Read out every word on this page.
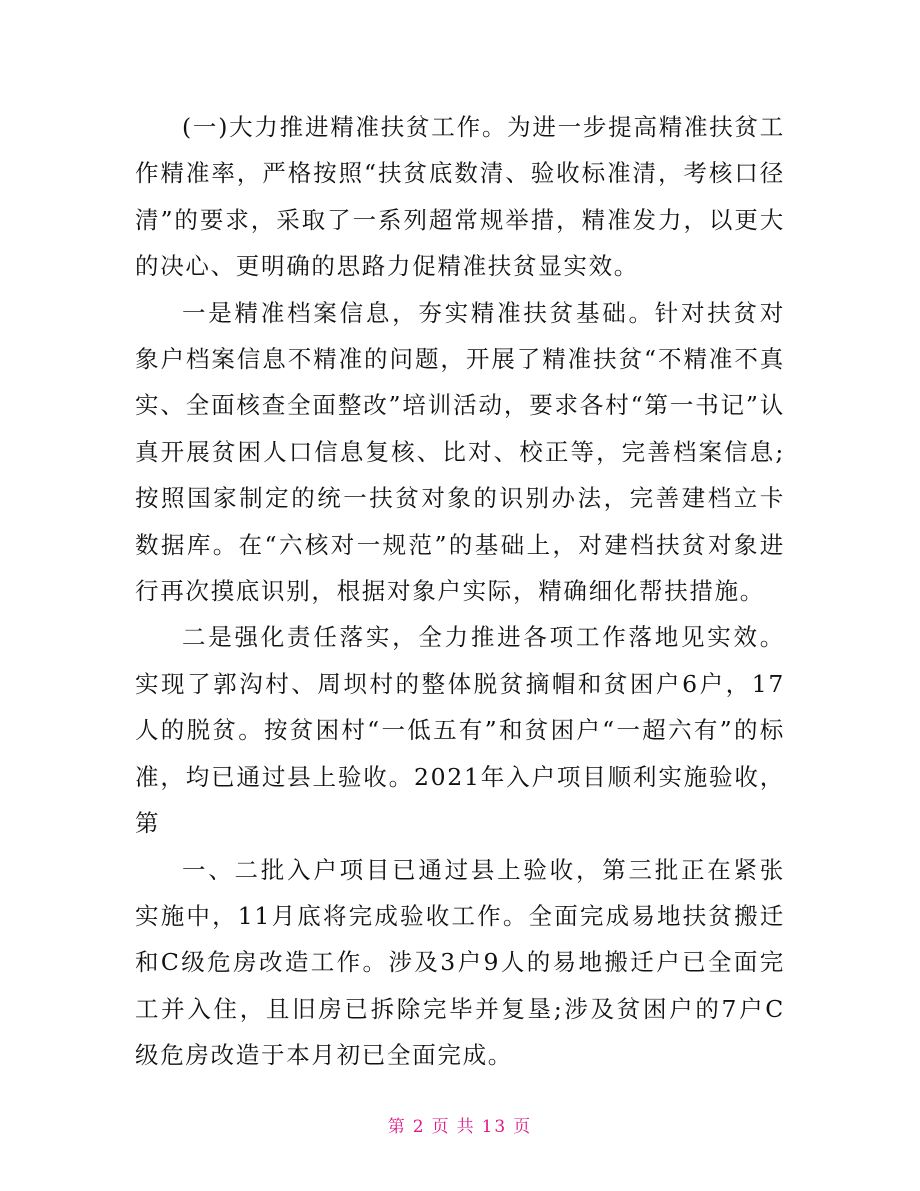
(一)大力推进精准扶贫工作。为进一步提高精准扶贫工作精准率，严格按照“扶贫底数清、验收标准清，考核口径清”的要求，采取了一系列超常规举措，精准发力，以更大的决心、更明确的思路力促精准扶贫显实效。

一是精准档案信息，夯实精准扶贫基础。针对扶贫对象户档案信息不精准的问题，开展了精准扶贫“不精准不真实、全面核查全面整改”培训活动，要求各村“第一书记”认真开展贫困人口信息复核、比对、校正等，完善档案信息;按照国家制定的统一扶贫对象的识别办法，完善建档立卡数据库。在“六核对一规范”的基础上，对建档扶贫对象进行再次摸底识别，根据对象户实际，精确细化帮扶措施。

二是强化责任落实，全力推进各项工作落地见实效。实现了郭沟村、周坝村的整体脱贫摘帽和贫困户6户，17人的脱贫。按贫困村“一低五有”和贫困户“一超六有”的标准，均已通过县上验收。2021年入户项目顺利实施验收，第

一、二批入户项目已通过县上验收，第三批正在紧张实施中，11月底将完成验收工作。全面完成易地扶贫搬迁和C级危房改造工作。涉及3户9人的易地搬迁户已全面完工并入住，且旧房已拆除完毕并复垦;涉及贫困户的7户C级危房改造于本月初已全面完成。

第 2 页 共 13 页
